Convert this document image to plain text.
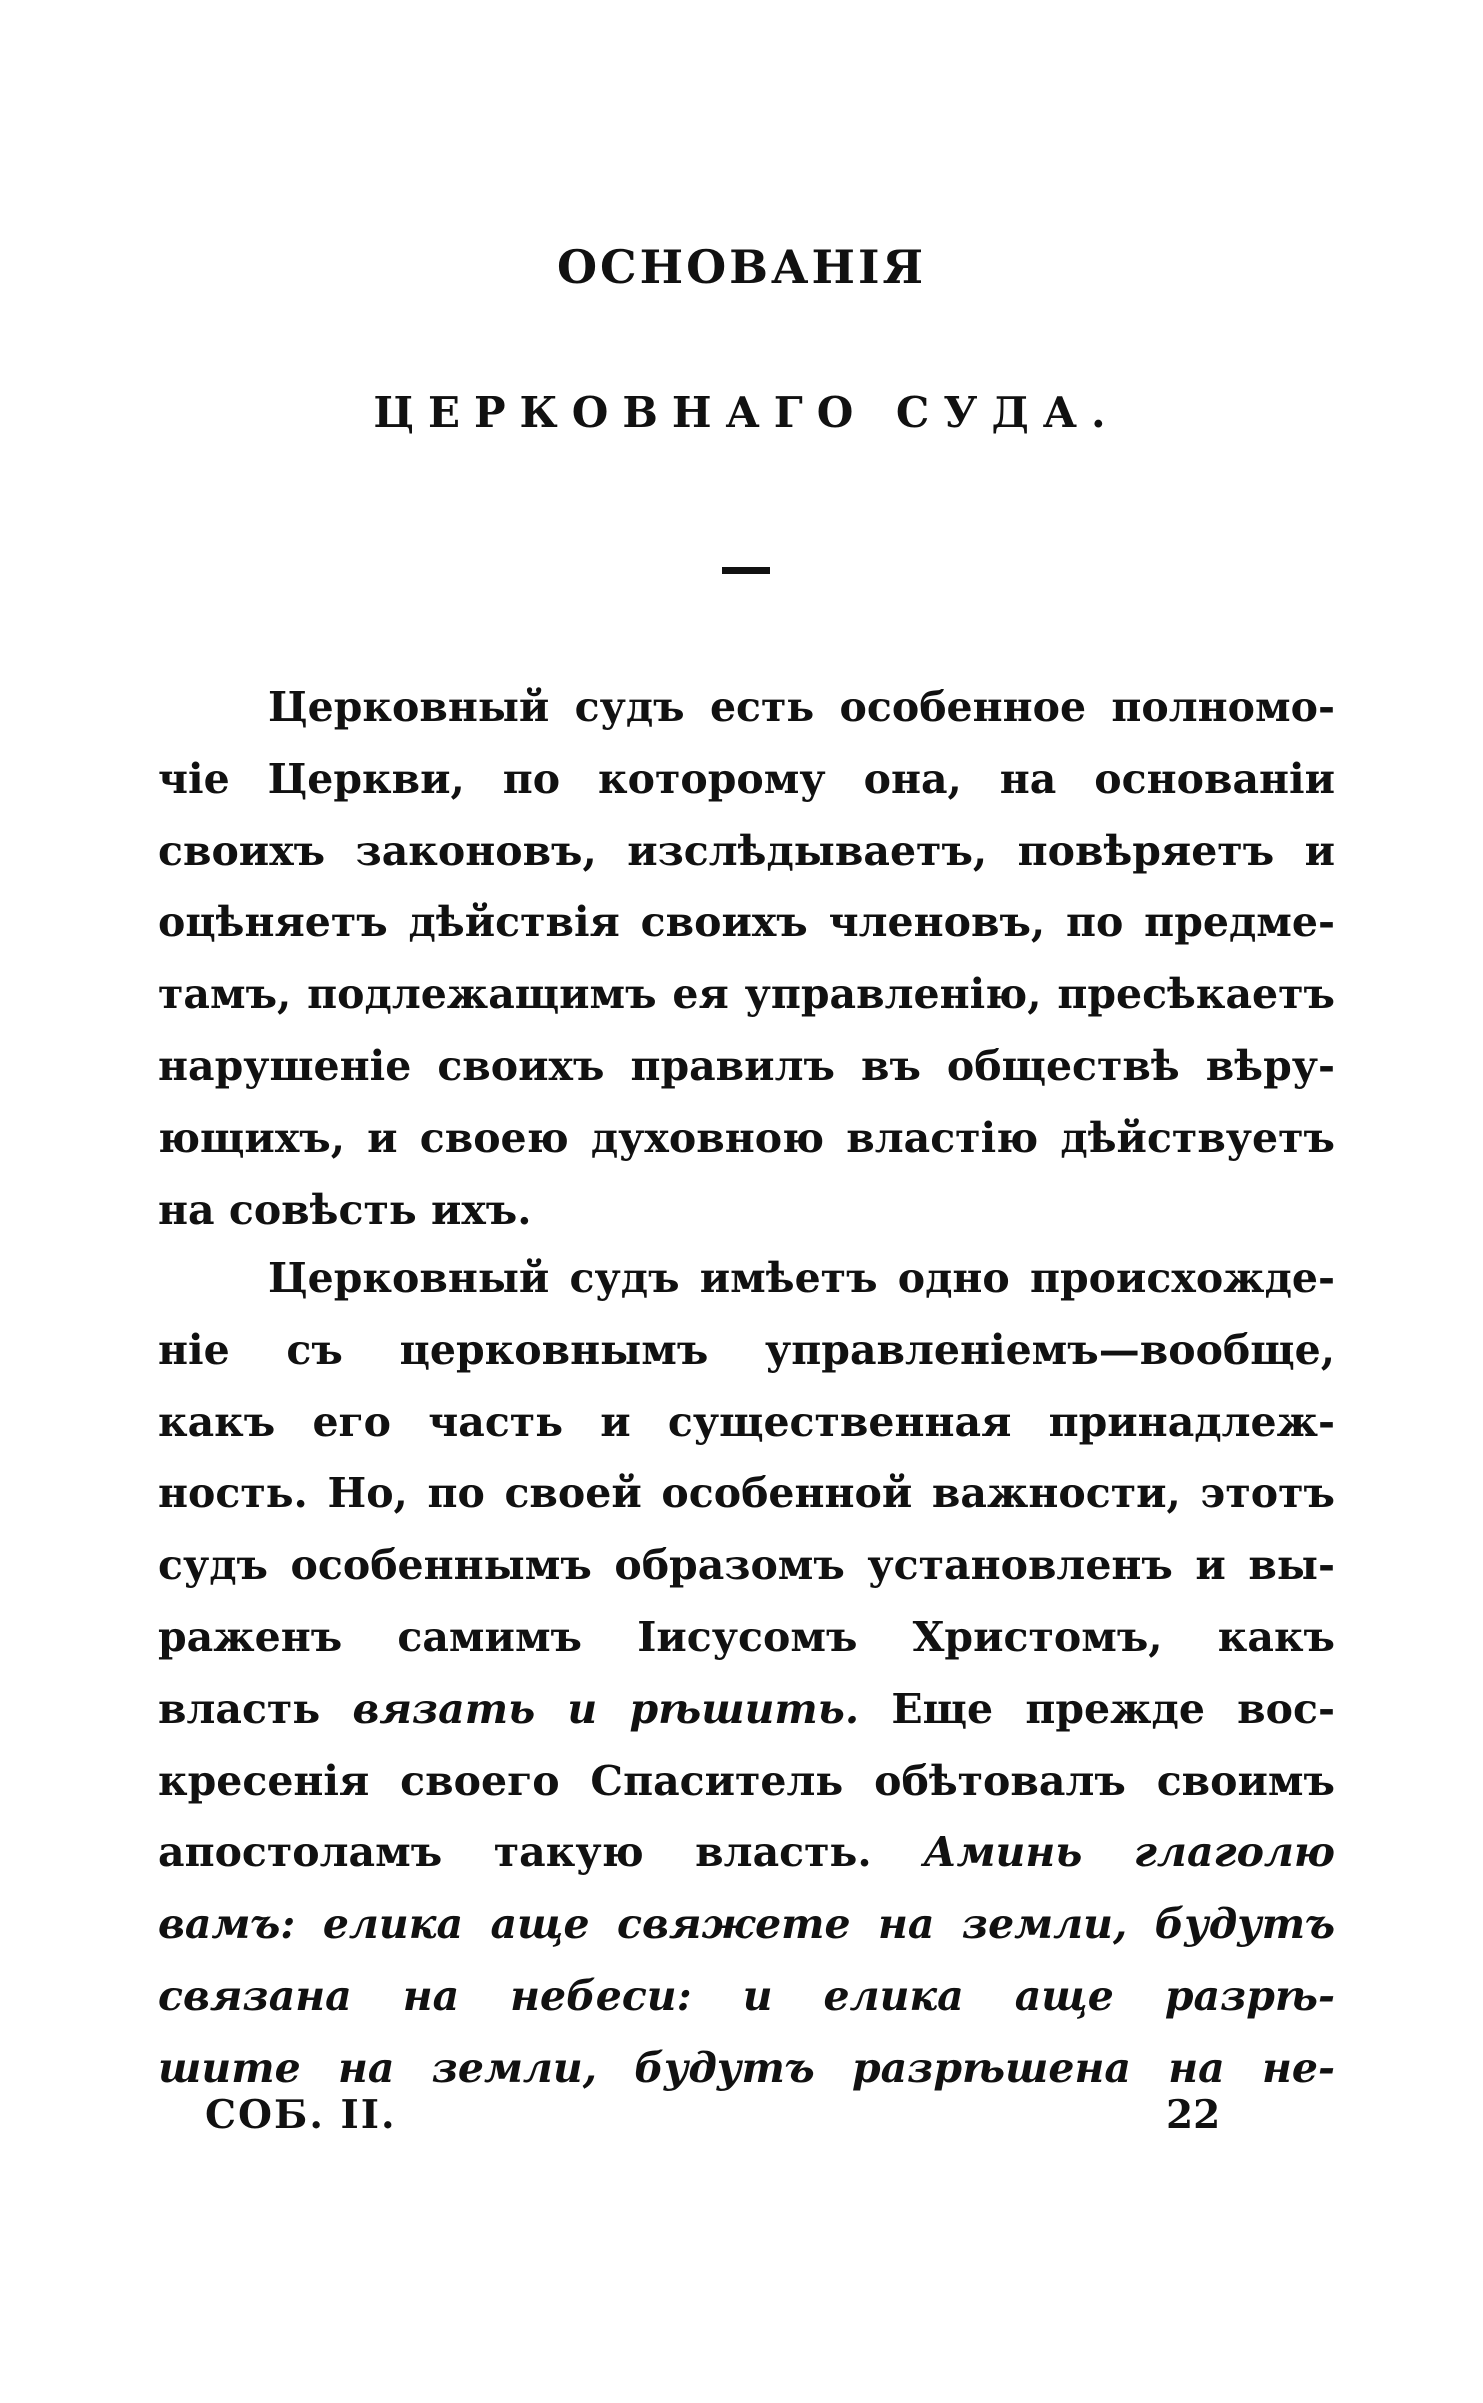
ОСНОВАНІЯ
ЦЕРКОВНАГО СУДА.
Церковный судъ есть особенное полномо-
чіе Церкви, по которому она, на основаніи
своихъ законовъ, изслѣдываетъ, повѣряетъ и
оцѣняетъ дѣйствія своихъ членовъ, по предме-
тамъ, подлежащимъ ея управленію, пресѣкаетъ
нарушеніе своихъ правилъ въ обществѣ вѣру-
ющихъ, и своею духовною властію дѣйствуетъ
на совѣсть ихъ.
Церковный судъ имѣетъ одно происхожде-
ніе съ церковнымъ управленіемъ—вообще,
какъ его часть и существенная принадлеж-
ность. Но, по своей особенной важности, этотъ
судъ особеннымъ образомъ установленъ и вы-
раженъ самимъ Іисусомъ Христомъ, какъ
власть вязать и рѣшить. Еще прежде вос-
кресенія своего Спаситель обѣтовалъ своимъ
апостоламъ такую власть. Аминь глаголю
вамъ: елика аще свяжете на земли, будутъ
связана на небеси: и елика аще разрѣ-
шите на земли, будутъ разрѣшена на не-
СОБ. II.	22
